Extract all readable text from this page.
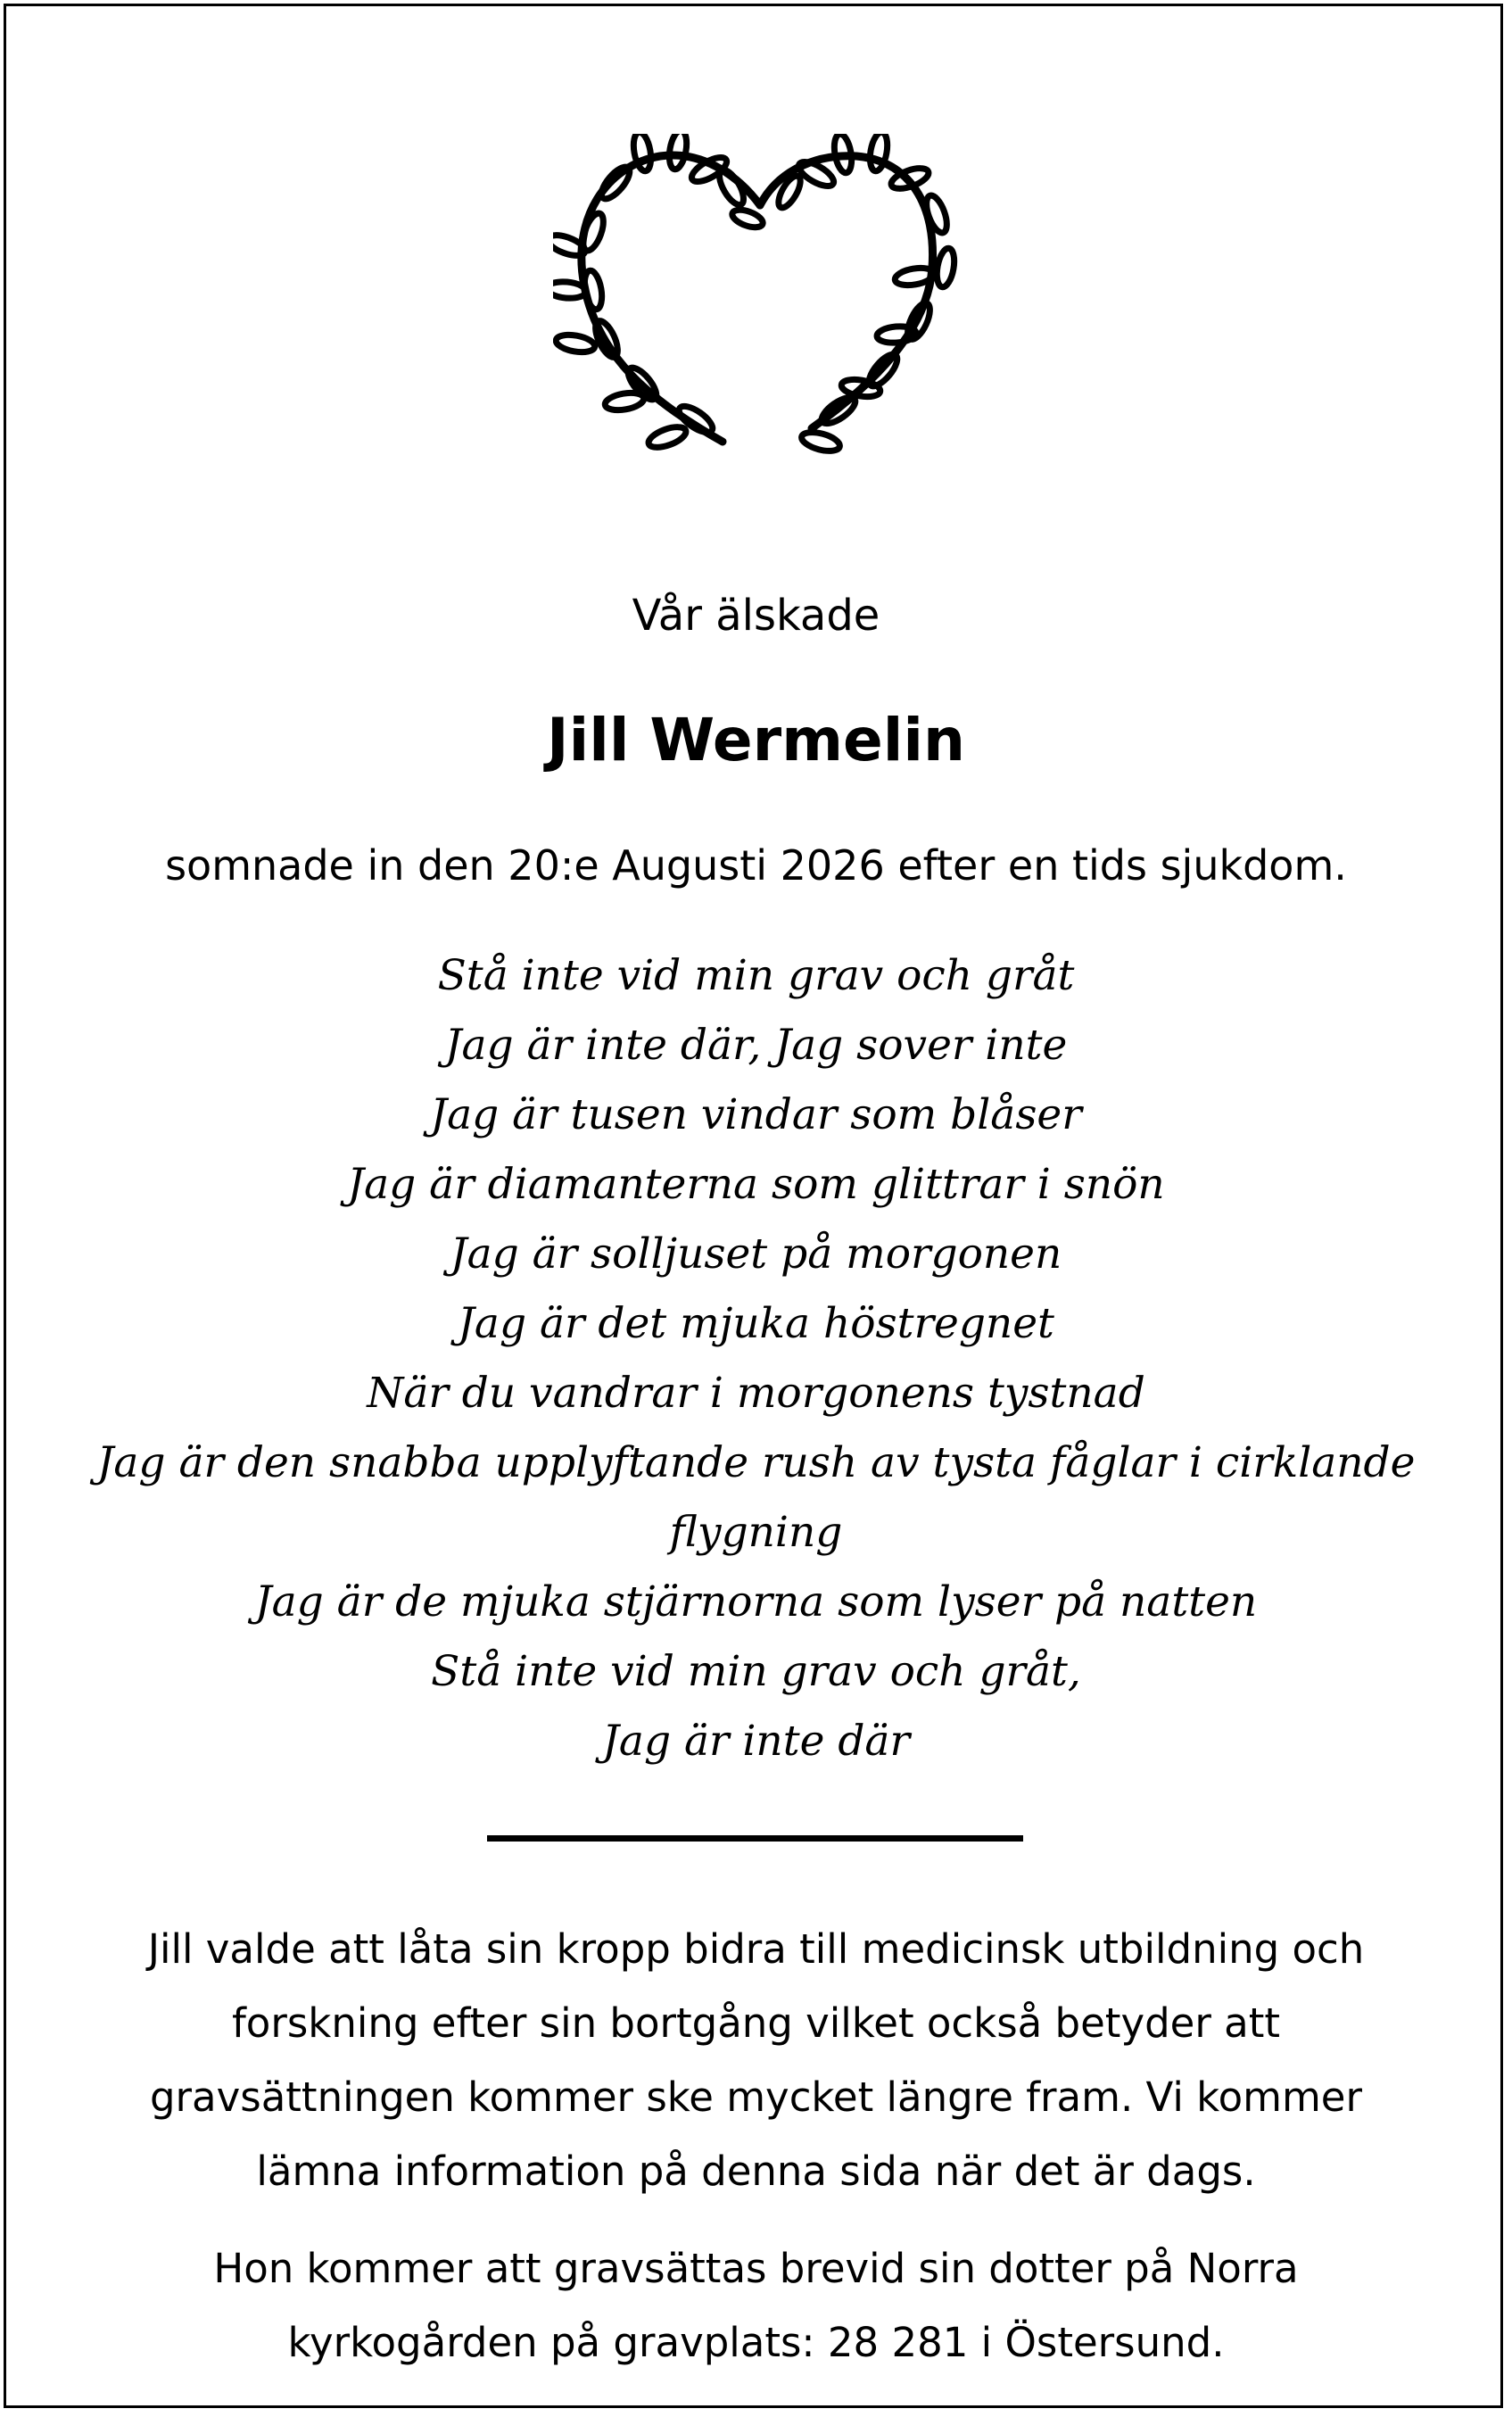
Vår älskade
Jill Wermelin
somnade in den 20:e Augusti 2026 efter en tids sjukdom.
Stå inte vid min grav och gråt
Jag är inte där, Jag sover inte
Jag är tusen vindar som blåser
Jag är diamanterna som glittrar i snön
Jag är solljuset på morgonen
Jag är det mjuka höstregnet
När du vandrar i morgonens tystnad
Jag är den snabba upplyftande rush av tysta fåglar i cirklande
flygning
Jag är de mjuka stjärnorna som lyser på natten
Stå inte vid min grav och gråt,
Jag är inte där
Jill valde att låta sin kropp bidra till medicinsk utbildning och
forskning efter sin bortgång vilket också betyder att
gravsättningen kommer ske mycket längre fram. Vi kommer
lämna information på denna sida när det är dags.
Hon kommer att gravsättas brevid sin dotter på Norra
kyrkogården på gravplats: 28 281 i Östersund.
